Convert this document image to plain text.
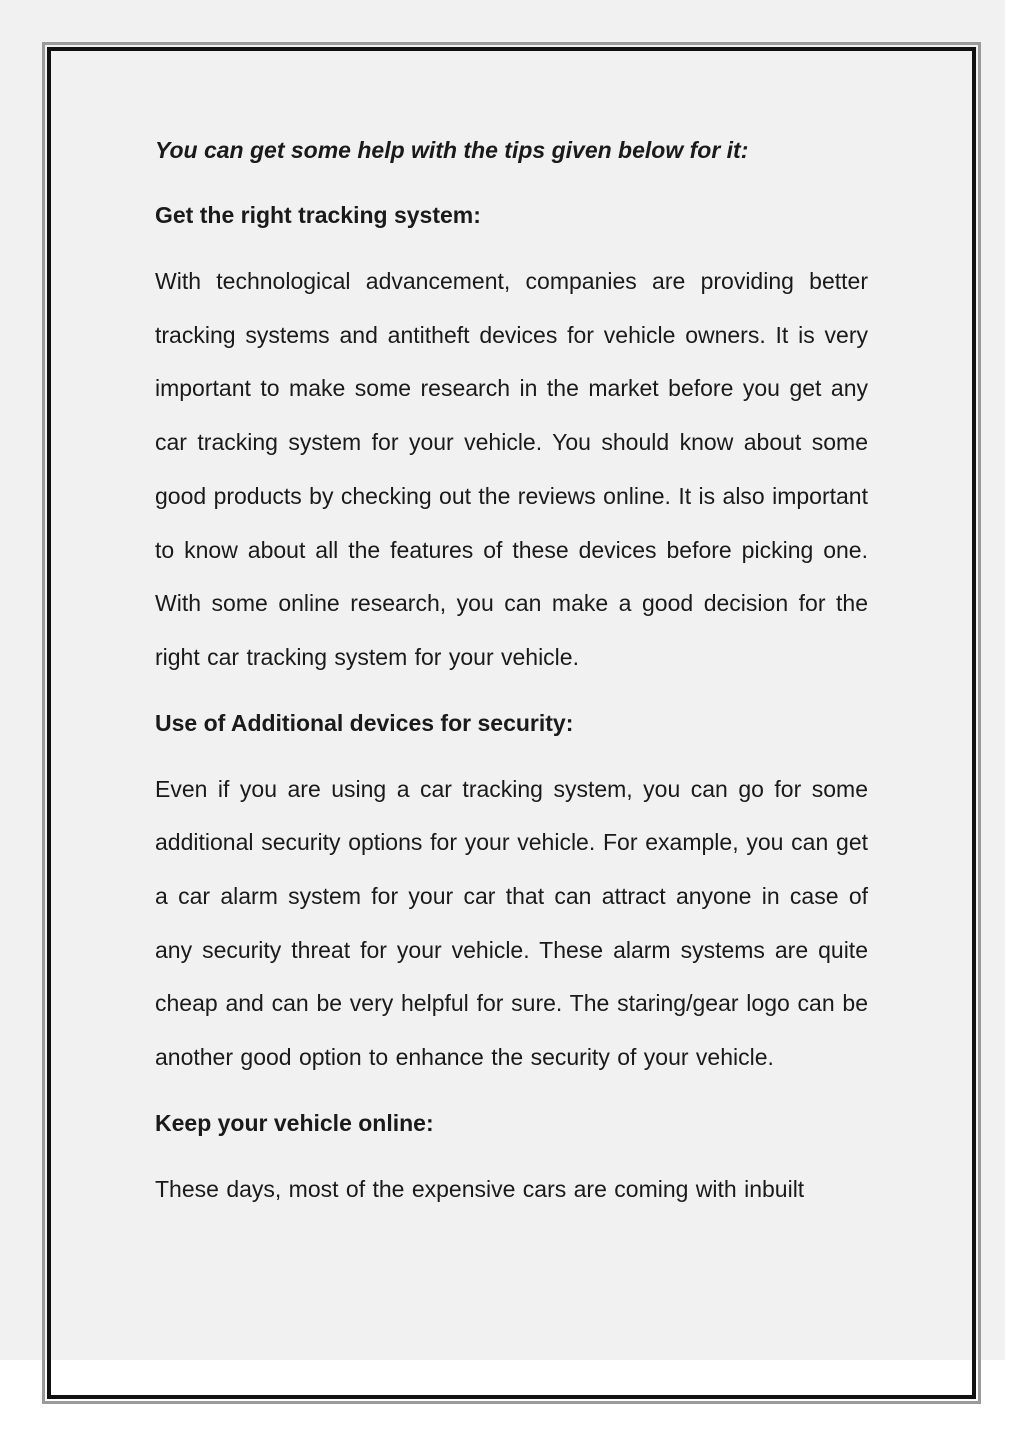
You can get some help with the tips given below for it:

Get the right tracking system:

With technological advancement, companies are providing better tracking systems and antitheft devices for vehicle owners. It is very important to make some research in the market before you get any car tracking system for your vehicle. You should know about some good products by checking out the reviews online. It is also important to know about all the features of these devices before picking one. With some online research, you can make a good decision for the right car tracking system for your vehicle.

Use of Additional devices for security:

Even if you are using a car tracking system, you can go for some additional security options for your vehicle. For example, you can get a car alarm system for your car that can attract anyone in case of any security threat for your vehicle. These alarm systems are quite cheap and can be very helpful for sure. The staring/gear logo can be another good option to enhance the security of your vehicle.

Keep your vehicle online:

These days, most of the expensive cars are coming with inbuilt
